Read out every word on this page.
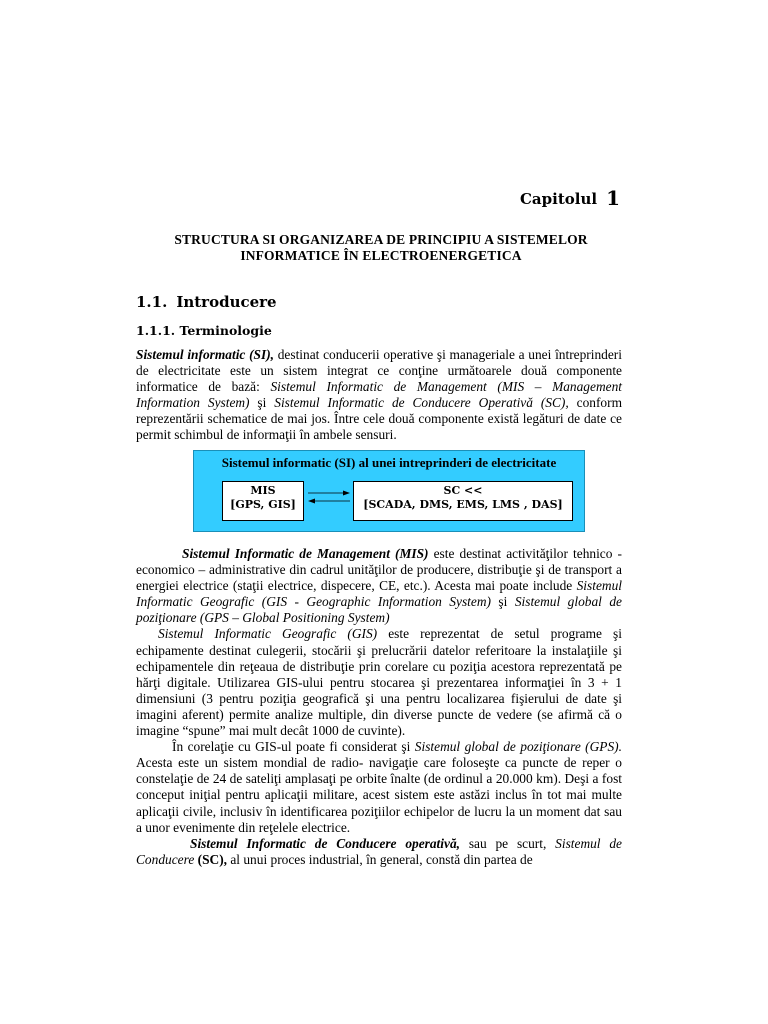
Capitolul 1
STRUCTURA SI ORGANIZAREA DE PRINCIPIU A SISTEMELOR
INFORMATICE ÎN ELECTROENERGETICA
1.1. Introducere
1.1.1. Terminologie

Sistemul informatic (SI), destinat conducerii operative şi manageriale a unei întreprinderi de electricitate este un sistem integrat ce conţine următoarele două componente informatice de bază: Sistemul Informatic de Management (MIS – Management Information System) şi Sistemul Informatic de Conducere Operativă (SC), conform reprezentării schematice de mai jos. Între cele două componente există legături de date ce permit schimbul de informaţii în ambele sensuri.

Sistemul informatic (SI) al unei intreprinderi de electricitate
MIS
[GPS, GIS]
SC <<
[SCADA, DMS, EMS, LMS , DAS]

Sistemul Informatic de Management (MIS) este destinat activităţilor tehnico - economico – administrative din cadrul unităţilor de producere, distribuţie şi de transport a energiei electrice (staţii electrice, dispecere, CE, etc.). Acesta mai poate include Sistemul Informatic Geografic (GIS - Geographic Information System) şi Sistemul global de poziţionare (GPS – Global Positioning System)

Sistemul Informatic Geografic (GIS) este reprezentat de setul programe şi echipamente destinat culegerii, stocării şi prelucrării datelor referitoare la instalaţiile şi echipamentele din reţeaua de distribuţie prin corelare cu poziţia acestora reprezentată pe hărţi digitale. Utilizarea GIS-ului pentru stocarea şi prezentarea informaţiei în 3 + 1 dimensiuni (3 pentru poziţia geografică şi una pentru localizarea fişierului de date şi imagini aferent) permite analize multiple, din diverse puncte de vedere (se afirmă că o imagine “spune” mai mult decât 1000 de cuvinte).

În corelaţie cu GIS-ul poate fi considerat şi Sistemul global de poziţionare (GPS). Acesta este un sistem mondial de radio- navigaţie care foloseşte ca puncte de reper o constelaţie de 24 de sateliţi amplasaţi pe orbite înalte (de ordinul a 20.000 km). Deşi a fost conceput iniţial pentru aplicaţii militare, acest sistem este astăzi inclus în tot mai multe aplicaţii civile, inclusiv în identificarea poziţiilor echipelor de lucru la un moment dat sau a unor evenimente din reţelele electrice.

Sistemul Informatic de Conducere operativă, sau pe scurt, Sistemul de Conducere (SC), al unui proces industrial, în general, constă din partea de
